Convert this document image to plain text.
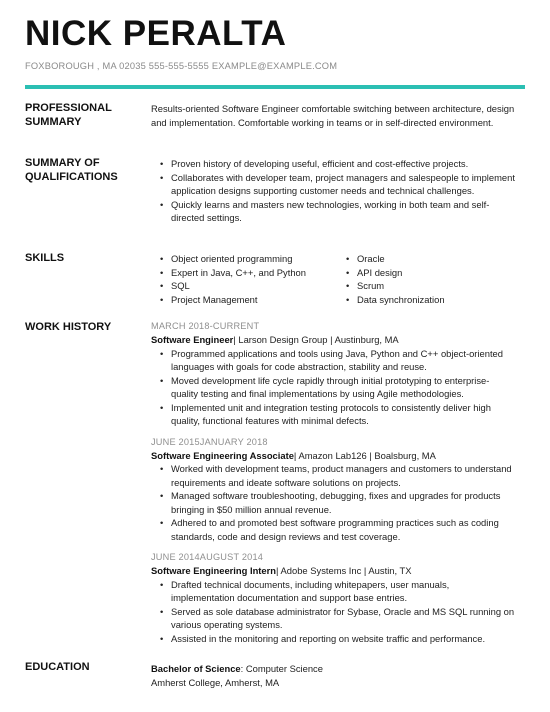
NICK PERALTA
FOXBOROUGH , MA 02035 555-555-5555 EXAMPLE@EXAMPLE.COM
PROFESSIONAL
SUMMARY
Results-oriented Software Engineer comfortable switching between architecture, design and implementation. Comfortable working in teams or in self-directed environment.
SUMMARY OF
QUALIFICATIONS
• Proven history of developing useful, efficient and cost-effective projects.
• Collaborates with developer team, project managers and salespeople to implement application designs supporting customer needs and technical challenges.
• Quickly learns and masters new technologies, working in both team and self-directed settings.
SKILLS
•	Object oriented programming
• Expert in Java, C++, and Python
• SQL
• Project Management
• Oracle
• API design
• Scrum
• Data synchronization
WORK HISTORY	MARCH 2018-CURRENT
Software Engineer| Larson Design Group | Austinburg, MA
• Programmed applications and tools using Java, Python and C++ object-oriented languages with goals for code abstraction, stability and reuse.
• Moved development life cycle rapidly through initial prototyping to enterprise-quality testing and final implementations by using Agile methodologies.
• Implemented unit and integration testing protocols to consistently deliver high quality, functional features with minimal defects.
JUNE 2015JANUARY 2018
Software Engineering Associate| Amazon Lab126 | Boalsburg, MA
• Worked with development teams, product managers and customers to understand requirements and ideate software solutions on projects.
• Managed software troubleshooting, debugging, fixes and upgrades for products bringing in $50 million annual revenue.
• Adhered to and promoted best software programming practices such as coding standards, code and design reviews and test coverage.
JUNE 2014AUGUST 2014
Software Engineering Intern| Adobe Systems Inc | Austin, TX
• Drafted technical documents, including whitepapers, user manuals, implementation documentation and support base entries.
• Served as sole database administrator for Sybase, Oracle and MS SQL running on various operating systems.
• Assisted in the monitoring and reporting on website traffic and performance.
EDUCATION	Bachelor of Science: Computer Science
Amherst College, Amherst, MA
